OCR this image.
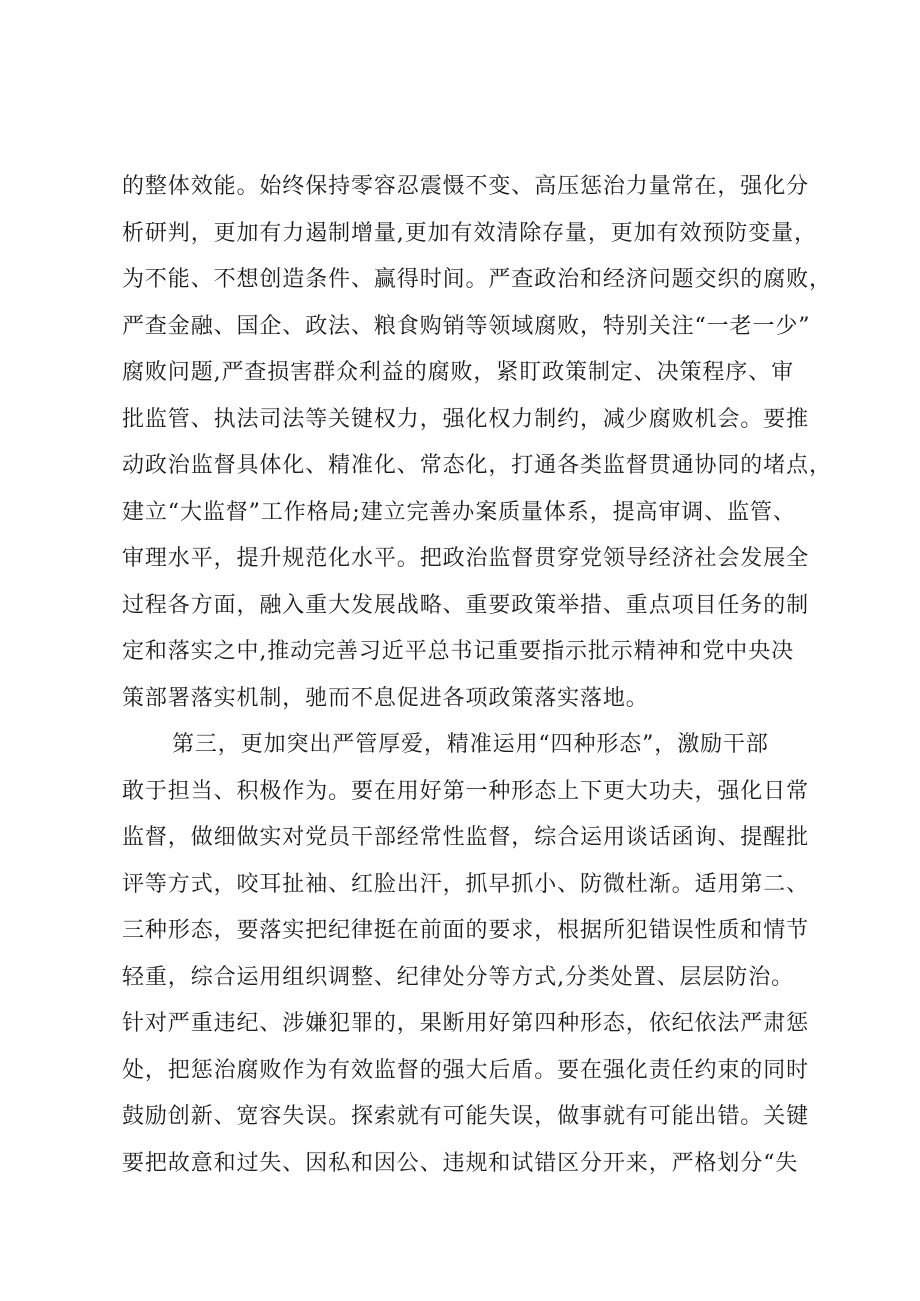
的整体效能。始终保持零容忍震慑不变、高压惩治力量常在，强化分
析研判，更加有力遏制增量,更加有效清除存量，更加有效预防变量，
为不能、不想创造条件、赢得时间。严查政治和经济问题交织的腐败，
严查金融、国企、政法、粮食购销等领域腐败，特别关注“一老一少”
腐败问题,严查损害群众利益的腐败，紧盯政策制定、决策程序、审
批监管、执法司法等关键权力，强化权力制约，减少腐败机会。要推
动政治监督具体化、精准化、常态化，打通各类监督贯通协同的堵点，
建立“大监督”工作格局;建立完善办案质量体系，提高审调、监管、
审理水平，提升规范化水平。把政治监督贯穿党领导经济社会发展全
过程各方面，融入重大发展战略、重要政策举措、重点项目任务的制
定和落实之中,推动完善习近平总书记重要指示批示精神和党中央决
策部署落实机制，驰而不息促进各项政策落实落地。
第三，更加突出严管厚爱，精准运用“四种形态”，激励干部
敢于担当、积极作为。要在用好第一种形态上下更大功夫，强化日常
监督，做细做实对党员干部经常性监督，综合运用谈话函询、提醒批
评等方式，咬耳扯袖、红脸出汗，抓早抓小、防微杜渐。适用第二、
三种形态，要落实把纪律挺在前面的要求，根据所犯错误性质和情节
轻重，综合运用组织调整、纪律处分等方式,分类处置、层层防治。
针对严重违纪、涉嫌犯罪的，果断用好第四种形态，依纪依法严肃惩
处，把惩治腐败作为有效监督的强大后盾。要在强化责任约束的同时
鼓励创新、宽容失误。探索就有可能失误，做事就有可能出错。关键
要把故意和过失、因私和因公、违规和试错区分开来，严格划分“失
